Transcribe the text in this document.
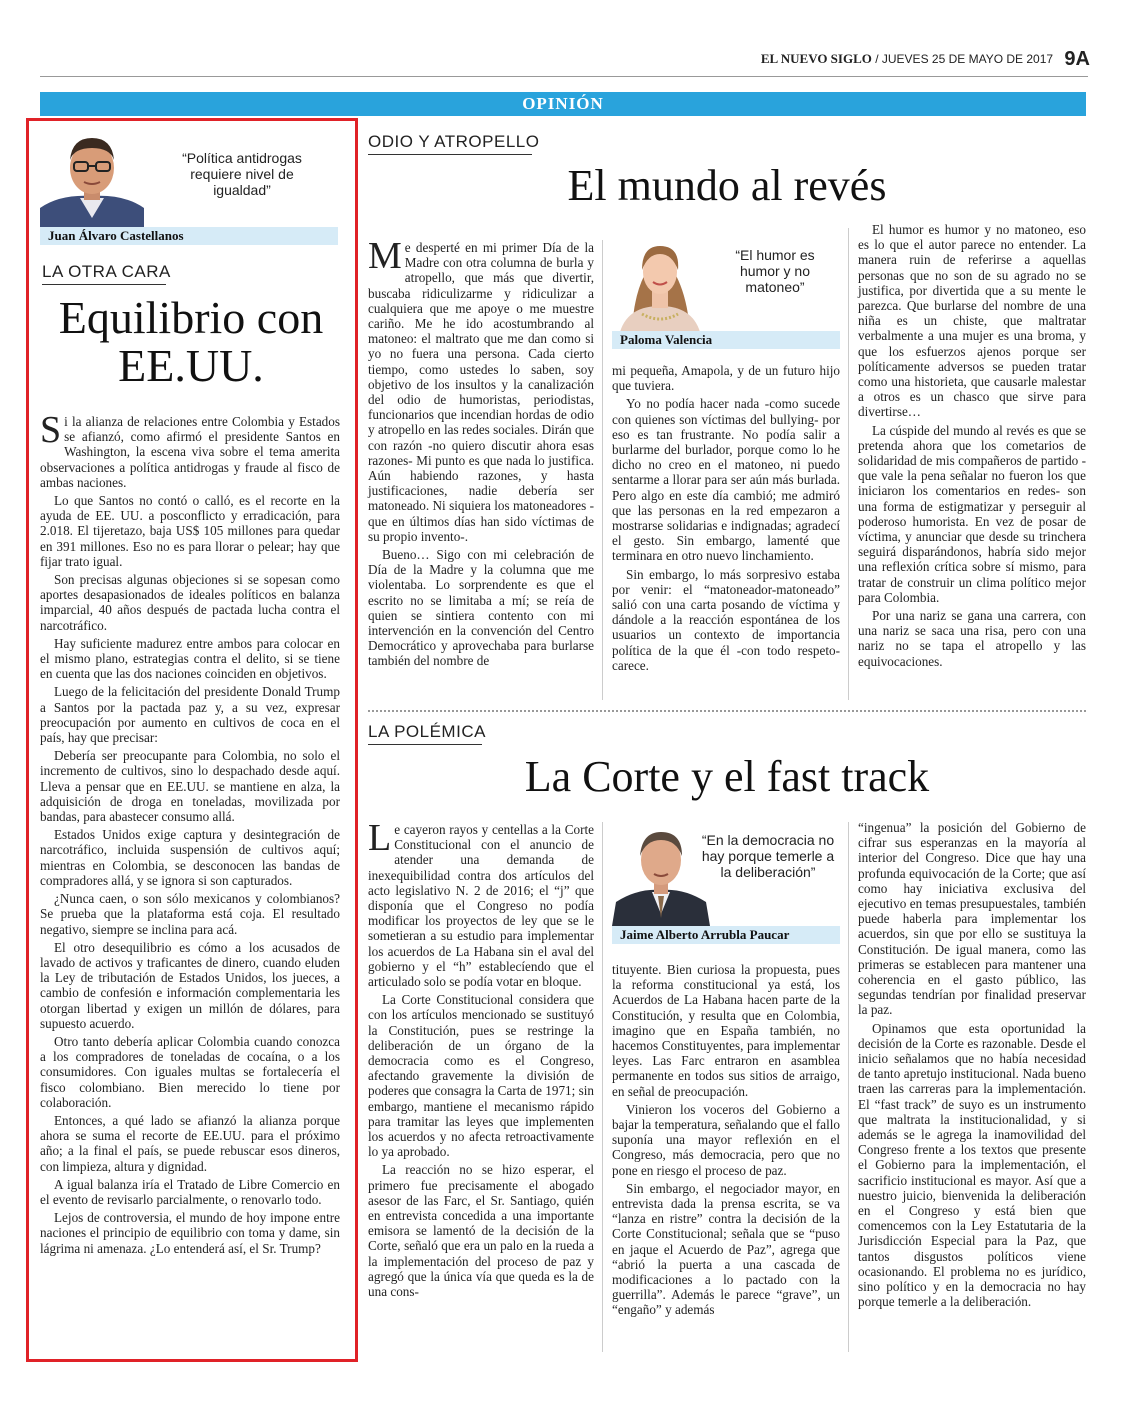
EL NUEVO SIGLO / JUEVES 25 DE MAYO DE 2017 9A
OPINIÓN
“Política antidrogas requiere nivel de igualdad”
Juan Álvaro Castellanos
LA OTRA CARA
Equilibrio con
EE.UU.

Si la alianza de relaciones entre Colombia y Estados se afianzó, como afirmó el presidente Santos en Washington, la escena viva sobre el tema amerita observaciones a política antidrogas y fraude al fisco de ambas naciones.

Lo que Santos no contó o calló, es el recorte en la ayuda de EE. UU. a posconflicto y erradicación, para 2.018. El tijeretazo, baja US$ 105 millones para quedar en 391 millones. Eso no es para llorar o pelear; hay que fijar trato igual.

Son precisas algunas objeciones si se sopesan como aportes desapasionados de ideales políticos en balanza imparcial, 40 años después de pactada lucha contra el narcotráfico.

Hay suficiente madurez entre ambos para colocar en el mismo plano, estrategias contra el delito, si se tiene en cuenta que las dos naciones coinciden en objetivos.

Luego de la felicitación del presidente Donald Trump a Santos por la pactada paz y, a su vez, expresar preocupación por aumento en cultivos de coca en el país, hay que precisar:

Debería ser preocupante para Colombia, no solo el incremento de cultivos, sino lo despachado desde aquí. Lleva a pensar que en EE.UU. se mantiene en alza, la adquisición de droga en toneladas, movilizada por bandas, para abastecer consumo allá.

Estados Unidos exige captura y desintegración de narcotráfico, incluida suspensión de cultivos aquí; mientras en Colombia, se desconocen las bandas de compradores allá, y se ignora si son capturados.

¿Nunca caen, o son sólo mexicanos y colombianos? Se prueba que la plataforma está coja. El resultado negativo, siempre se inclina para acá.

El otro desequilibrio es cómo a los acusados de lavado de activos y traficantes de dinero, cuando eluden la Ley de tributación de Estados Unidos, los jueces, a cambio de confesión e información complementaria les otorgan libertad y exigen un millón de dólares, para supuesto acuerdo.

Otro tanto debería aplicar Colombia cuando conozca a los compradores de toneladas de cocaína, o a los consumidores. Con iguales multas se fortalecería el fisco colombiano. Bien merecido lo tiene por colaboración.

Entonces, a qué lado se afianzó la alianza porque ahora se suma el recorte de EE.UU. para el próximo año; a la final el país, se puede rebuscar esos dineros, con limpieza, altura y dignidad.

A igual balanza iría el Tratado de Libre Comercio en el evento de revisarlo parcialmente, o renovarlo todo.

Lejos de controversia, el mundo de hoy impone entre naciones el principio de equilibrio con toma y dame, sin lágrima ni amenaza. ¿Lo entenderá así, el Sr. Trump?

ODIO Y ATROPELLO
El mundo al revés

Me desperté en mi primer Día de la Madre con otra columna de burla y atropello, que más que divertir, buscaba ridiculizarme y ridiculizar a cualquiera que me apoye o me muestre cariño. Me he ido acostumbrando al matoneo: el maltrato que me dan como si yo no fuera una persona. Cada cierto tiempo, como ustedes lo saben, soy objetivo de los insultos y la canalización del odio de humoristas, periodistas, funcionarios que incendian hordas de odio y atropello en las redes sociales. Dirán que con razón -no quiero discutir ahora esas razones- Mi punto es que nada lo justifica. Aún habiendo razones, y hasta justificaciones, nadie debería ser matoneado. Ni siquiera los matoneadores -que en últimos días han sido víctimas de su propio invento-.

Bueno… Sigo con mi celebración de Día de la Madre y la columna que me violentaba. Lo sorprendente es que el escrito no se limitaba a mí; se reía de quien se sintiera contento con mi intervención en la convención del Centro Democrático y aprovechaba para burlarse también del nombre de

“El humor es humor y no matoneo”
Paloma Valencia

mi pequeña, Amapola, y de un futuro hijo que tuviera.

Yo no podía hacer nada -como sucede con quienes son víctimas del bullying- por eso es tan frustrante. No podía salir a burlarme del burlador, porque como lo he dicho no creo en el matoneo, ni puedo sentarme a llorar para ser aún más burlada. Pero algo en este día cambió; me admiró que las personas en la red empezaron a mostrarse solidarias e indignadas; agradecí el gesto. Sin embargo, lamenté que terminara en otro nuevo linchamiento.

Sin embargo, lo más sorpresivo estaba por venir: el “matoneador-matoneado” salió con una carta posando de víctima y dándole a la reacción espontánea de los usuarios un contexto de importancia política de la que él -con todo respeto- carece.

El humor es humor y no matoneo, eso es lo que el autor parece no entender. La manera ruin de referirse a aquellas personas que no son de su agrado no se justifica, por divertida que a su mente le parezca. Que burlarse del nombre de una niña es un chiste, que maltratar verbalmente a una mujer es una broma, y que los esfuerzos ajenos porque ser políticamente adversos se pueden tratar como una historieta, que causarle malestar a otros es un chasco que sirve para divertirse…

La cúspide del mundo al revés es que se pretenda ahora que los cometarios de solidaridad de mis compañeros de partido -que vale la pena señalar no fueron los que iniciaron los comentarios en redes- son una forma de estigmatizar y perseguir al poderoso humorista. En vez de posar de víctima, y anunciar que desde su trinchera seguirá disparándonos, habría sido mejor una reflexión crítica sobre sí mismo, para tratar de construir un clima político mejor para Colombia.

Por una nariz se gana una carrera, con una nariz se saca una risa, pero con una nariz no se tapa el atropello y las equivocaciones.

LA POLÉMICA
La Corte y el fast track

Le cayeron rayos y centellas a la Corte Constitucional con el anuncio de atender una demanda de inexequibilidad contra dos artículos del acto legislativo N. 2 de 2016; el “j” que disponía que el Congreso no podía modificar los proyectos de ley que se le sometieran a su estudio para implementar los acuerdos de La Habana sin el aval del gobierno y el “h” establecíendo que el articulado solo se podía votar en bloque.

La Corte Constitucional considera que con los artículos mencionado se sustituyó la Constitución, pues se restringe la deliberación de un órgano de la democracia como es el Congreso, afectando gravemente la división de poderes que consagra la Carta de 1971; sin embargo, mantiene el mecanismo rápido para tramitar las leyes que implementen los acuerdos y no afecta retroactivamente lo ya aprobado.

La reacción no se hizo esperar, el primero fue precisamente el abogado asesor de las Farc, el Sr. Santiago, quién en entrevista concedida a una importante emisora se lamentó de la decisión de la Corte, señaló que era un palo en la rueda a la implementación del proceso de paz y agregó que la única vía que queda es la de una cons-

“En la democracia no hay porque temerle a la deliberación”
Jaime Alberto Arrubla Paucar

tituyente. Bien curiosa la propuesta, pues la reforma constitucional ya está, los Acuerdos de La Habana hacen parte de la Constitución, y resulta que en Colombia, imagino que en España también, no hacemos Constituyentes, para implementar leyes. Las Farc entraron en asamblea permanente en todos sus sitios de arraigo, en señal de preocupación.

Vinieron los voceros del Gobierno a bajar la temperatura, señalando que el fallo suponía una mayor reflexión en el Congreso, más democracia, pero que no pone en riesgo el proceso de paz.

Sin embargo, el negociador mayor, en entrevista dada la prensa escrita, se va “lanza en ristre” contra la decisión de la Corte Constitucional; señala que se “puso en jaque el Acuerdo de Paz”, agrega que “abrió la puerta a una cascada de modificaciones a lo pactado con la guerrilla”. Además le parece “grave”, un “engaño” y además

“ingenua” la posición del Gobierno de cifrar sus esperanzas en la mayoría al interior del Congreso. Dice que hay una profunda equivocación de la Corte; que así como hay iniciativa exclusiva del ejecutivo en temas presupuestales, también puede haberla para implementar los acuerdos, sin que por ello se sustituya la Constitución. De igual manera, como las primeras se establecen para mantener una coherencia en el gasto público, las segundas tendrían por finalidad preservar la paz.

Opinamos que esta oportunidad la decisión de la Corte es razonable. Desde el inicio señalamos que no había necesidad de tanto apretujo institucional. Nada bueno traen las carreras para la implementación. El “fast track” de suyo es un instrumento que maltrata la institucionalidad, y si además se le agrega la inamovilidad del Congreso frente a los textos que presente el Gobierno para la implementación, el sacrificio institucional es mayor. Así que a nuestro juicio, bienvenida la deliberación en el Congreso y está bien que comencemos con la Ley Estatutaria de la Jurisdicción Especial para la Paz, que tantos disgustos políticos viene ocasionando. El problema no es jurídico, sino político y en la democracia no hay porque temerle a la deliberación.
